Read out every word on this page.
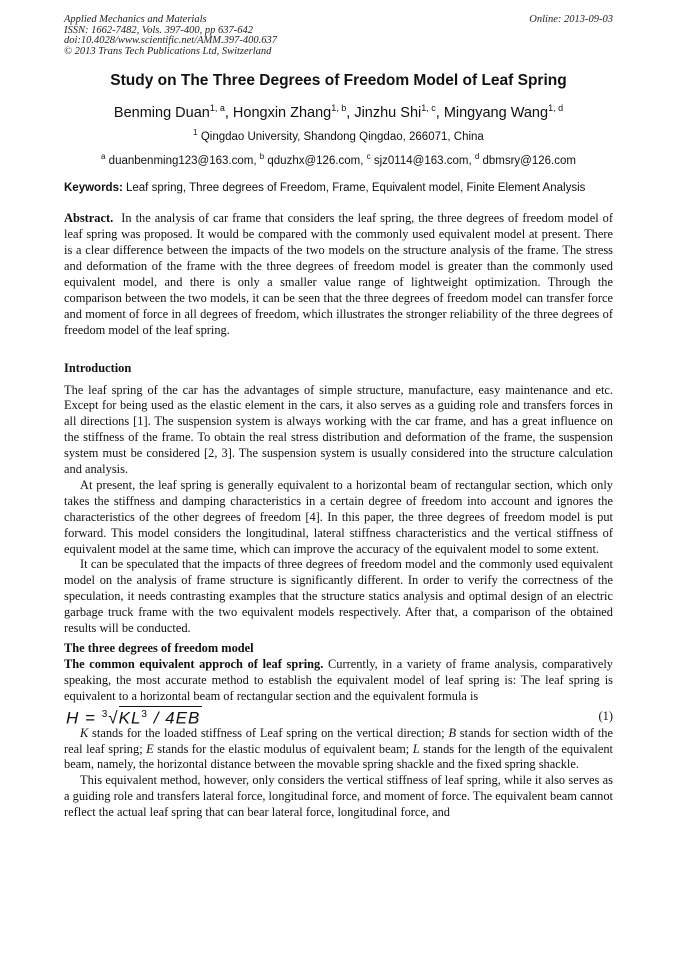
Applied Mechanics and Materials
ISSN: 1662-7482, Vols. 397-400, pp 637-642
doi:10.4028/www.scientific.net/AMM.397-400.637
© 2013 Trans Tech Publications Ltd, Switzerland
Online: 2013-09-03
Study on The Three Degrees of Freedom Model of Leaf Spring
Benming Duan$^{1, a}$, Hongxin Zhang$^{1, b}$, Jinzhu Shi$^{1, c}$, Mingyang Wang$^{1, d}$
$^1$ Qingdao University, Shandong Qingdao, 266071, China
$^a$ duanbenming123@163.com, $^b$ qduzhx@126.com, $^c$ sjz0114@163.com, $^d$ dbmsry@126.com
Keywords: Leaf spring, Three degrees of Freedom, Frame, Equivalent model, Finite Element Analysis
Abstract. In the analysis of car frame that considers the leaf spring, the three degrees of freedom model of leaf spring was proposed. It would be compared with the commonly used equivalent model at present. There is a clear difference between the impacts of the two models on the structure analysis of the frame. The stress and deformation of the frame with the three degrees of freedom model is greater than the commonly used equivalent model, and there is only a smaller value range of lightweight optimization. Through the comparison between the two models, it can be seen that the three degrees of freedom model can transfer force and moment of force in all degrees of freedom, which illustrates the stronger reliability of the three degrees of freedom model of the leaf spring.
Introduction

The leaf spring of the car has the advantages of simple structure, manufacture, easy maintenance and etc. Except for being used as the elastic element in the cars, it also serves as a guiding role and transfers forces in all directions [1]. The suspension system is always working with the car frame, and has a great influence on the stiffness of the frame. To obtain the real stress distribution and deformation of the frame, the suspension system must be considered [2, 3]. The suspension system is usually considered into the structure calculation and analysis.

At present, the leaf spring is generally equivalent to a horizontal beam of rectangular section, which only takes the stiffness and damping characteristics in a certain degree of freedom into account and ignores the characteristics of the other degrees of freedom [4]. In this paper, the three degrees of freedom model is put forward. This model considers the longitudinal, lateral stiffness characteristics and the vertical stiffness of equivalent model at the same time, which can improve the accuracy of the equivalent model to some extent.

It can be speculated that the impacts of three degrees of freedom model and the commonly used equivalent model on the analysis of frame structure is significantly different. In order to verify the correctness of the speculation, it needs contrasting examples that the structure statics analysis and optimal design of an electric garbage truck frame with the two equivalent models respectively. After that, a comparison of the obtained results will be conducted.

The three degrees of freedom model

The common equivalent approch of leaf spring. Currently, in a variety of frame analysis, comparatively speaking, the most accurate method to establish the equivalent model of leaf spring is: The leaf spring is equivalent to a horizontal beam of rectangular section and the equivalent formula is

$H = ^3√KL^3 / 4EB$	(1)

K stands for the loaded stiffness of Leaf spring on the vertical direction; B stands for section width of the real leaf spring; E stands for the elastic modulus of equivalent beam; L stands for the length of the equivalent beam, namely, the horizontal distance between the movable spring shackle and the fixed spring shackle.

This equivalent method, however, only considers the vertical stiffness of leaf spring, while it also serves as a guiding role and transfers lateral force, longitudinal force, and moment of force. The equivalent beam cannot reflect the actual leaf spring that can bear lateral force, longitudinal force, and
